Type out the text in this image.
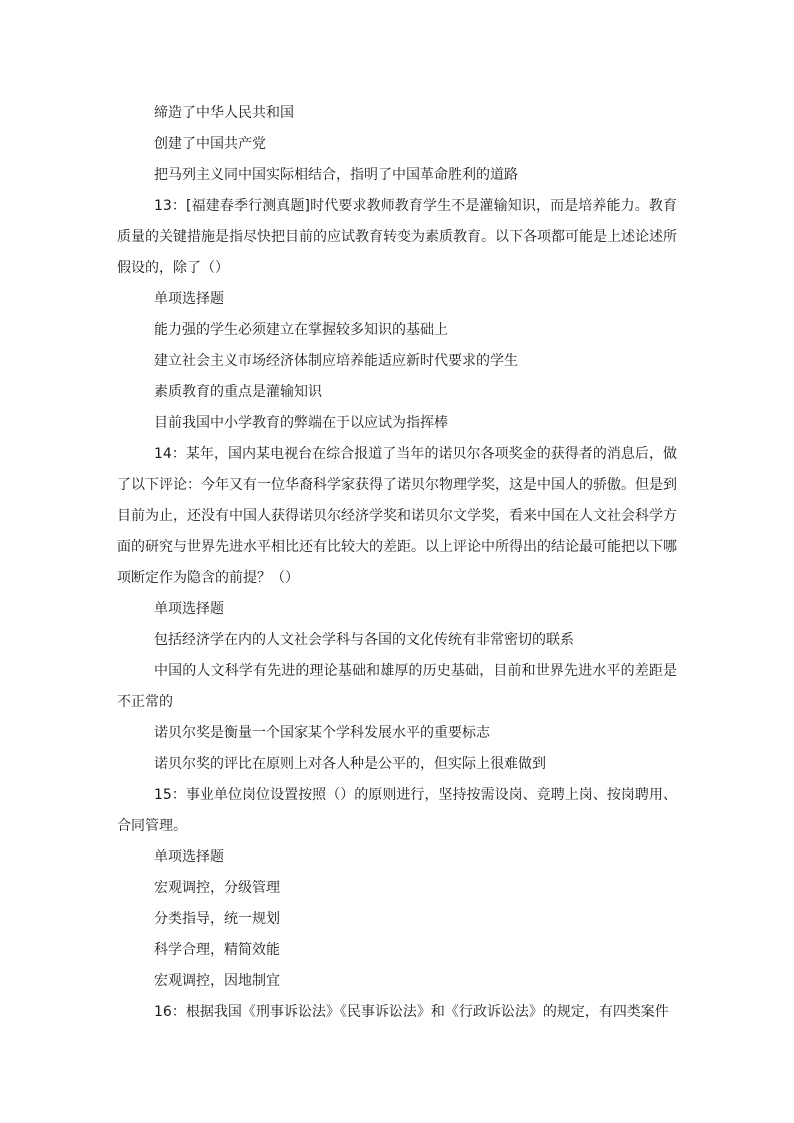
缔造了中华人民共和国
创建了中国共产党
把马列主义同中国实际相结合，指明了中国革命胜利的道路
13：[福建春季行测真题]时代要求教师教育学生不是灌输知识，而是培养能力。教育质量的关键措施是指尽快把目前的应试教育转变为素质教育。以下各项都可能是上述论述所假设的，除了（）
单项选择题
能力强的学生必须建立在掌握较多知识的基础上
建立社会主义市场经济体制应培养能适应新时代要求的学生
素质教育的重点是灌输知识
目前我国中小学教育的弊端在于以应试为指挥棒
14：某年，国内某电视台在综合报道了当年的诺贝尔各项奖金的获得者的消息后，做了以下评论：今年又有一位华裔科学家获得了诺贝尔物理学奖，这是中国人的骄傲。但是到目前为止，还没有中国人获得诺贝尔经济学奖和诺贝尔文学奖，看来中国在人文社会科学方面的研究与世界先进水平相比还有比较大的差距。以上评论中所得出的结论最可能把以下哪项断定作为隐含的前提？（）
单项选择题
包括经济学在内的人文社会学科与各国的文化传统有非常密切的联系
中国的人文科学有先进的理论基础和雄厚的历史基础，目前和世界先进水平的差距是不正常的
诺贝尔奖是衡量一个国家某个学科发展水平的重要标志
诺贝尔奖的评比在原则上对各人种是公平的，但实际上很难做到
15：事业单位岗位设置按照（）的原则进行，坚持按需设岗、竞聘上岗、按岗聘用、合同管理。
单项选择题
宏观调控，分级管理
分类指导，统一规划
科学合理，精简效能
宏观调控，因地制宜
16：根据我国《刑事诉讼法》《民事诉讼法》和《行政诉讼法》的规定，有四类案件
